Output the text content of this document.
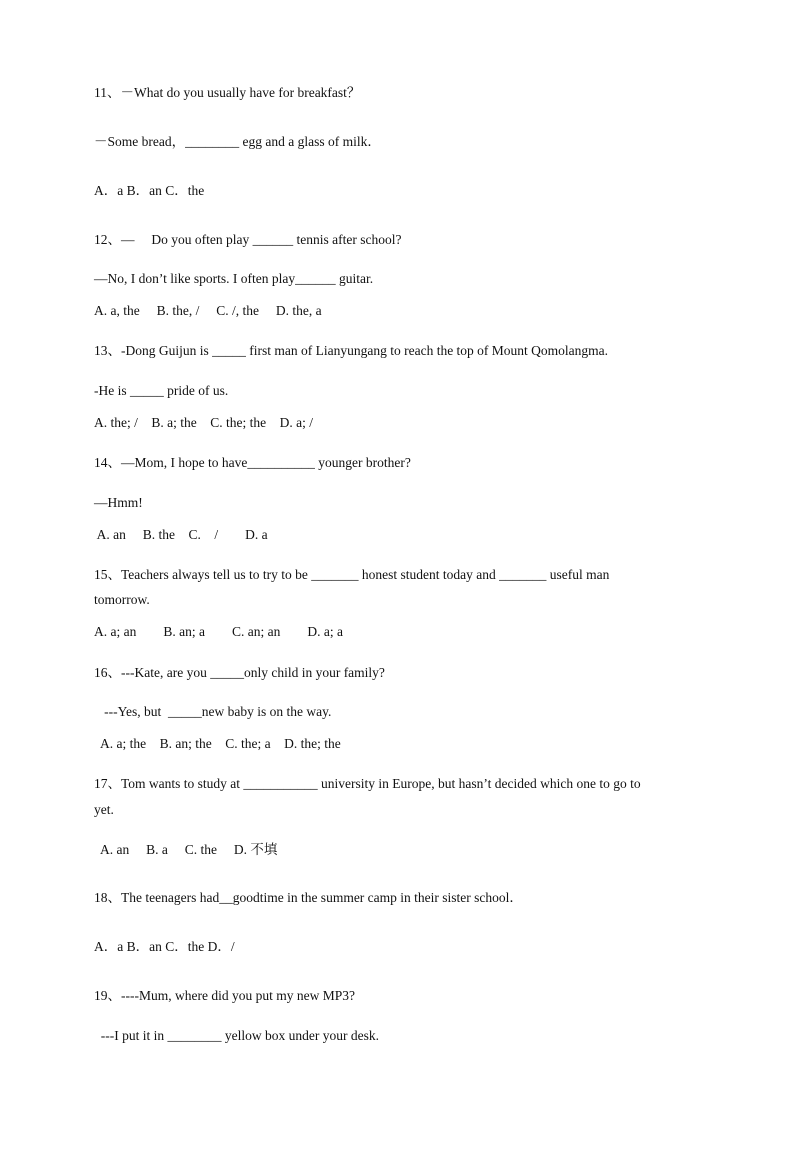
11、－What do you usually have for breakfast？
－Some bread，________ egg and a glass of milk．
A．a B．an C．the
12、—　 Do you often play ______ tennis after school?
—No, I don’t like sports. I often play______ guitar.
A. a, the　 B. the, /　 C. /, the　 D. the, a
13、-Dong Guijun is _____ first man of Lianyungang to reach the top of Mount Qomolangma.
-He is _____ pride of us.
A. the; /　B. a; the　C. the; the　D. a; /
14、—Mom, I hope to have__________ younger brother?
—Hmm!
A. an　 B. the　C.　/　　D. a
15、Teachers always tell us to try to be _______ honest student today and _______ useful man
tomorrow.
A. a; an　　B. an; a　　C. an; an　　D. a; a
16、---Kate, are you _____only child in your family?
---Yes, but  _____new baby is on the way.
A. a; the　B. an; the　C. the; a　D. the; the
17、Tom wants to study at ___________ university in Europe, but hasn’t decided which one to go to
yet.
A. an　 B. a　 C. the　 D. 不填
18、The teenagers had__goodtime in the summer camp in their sister school．
A．a B．an C．the D．/
19、----Mum, where did you put my new MP3?
---I put it in ________ yellow box under your desk.
